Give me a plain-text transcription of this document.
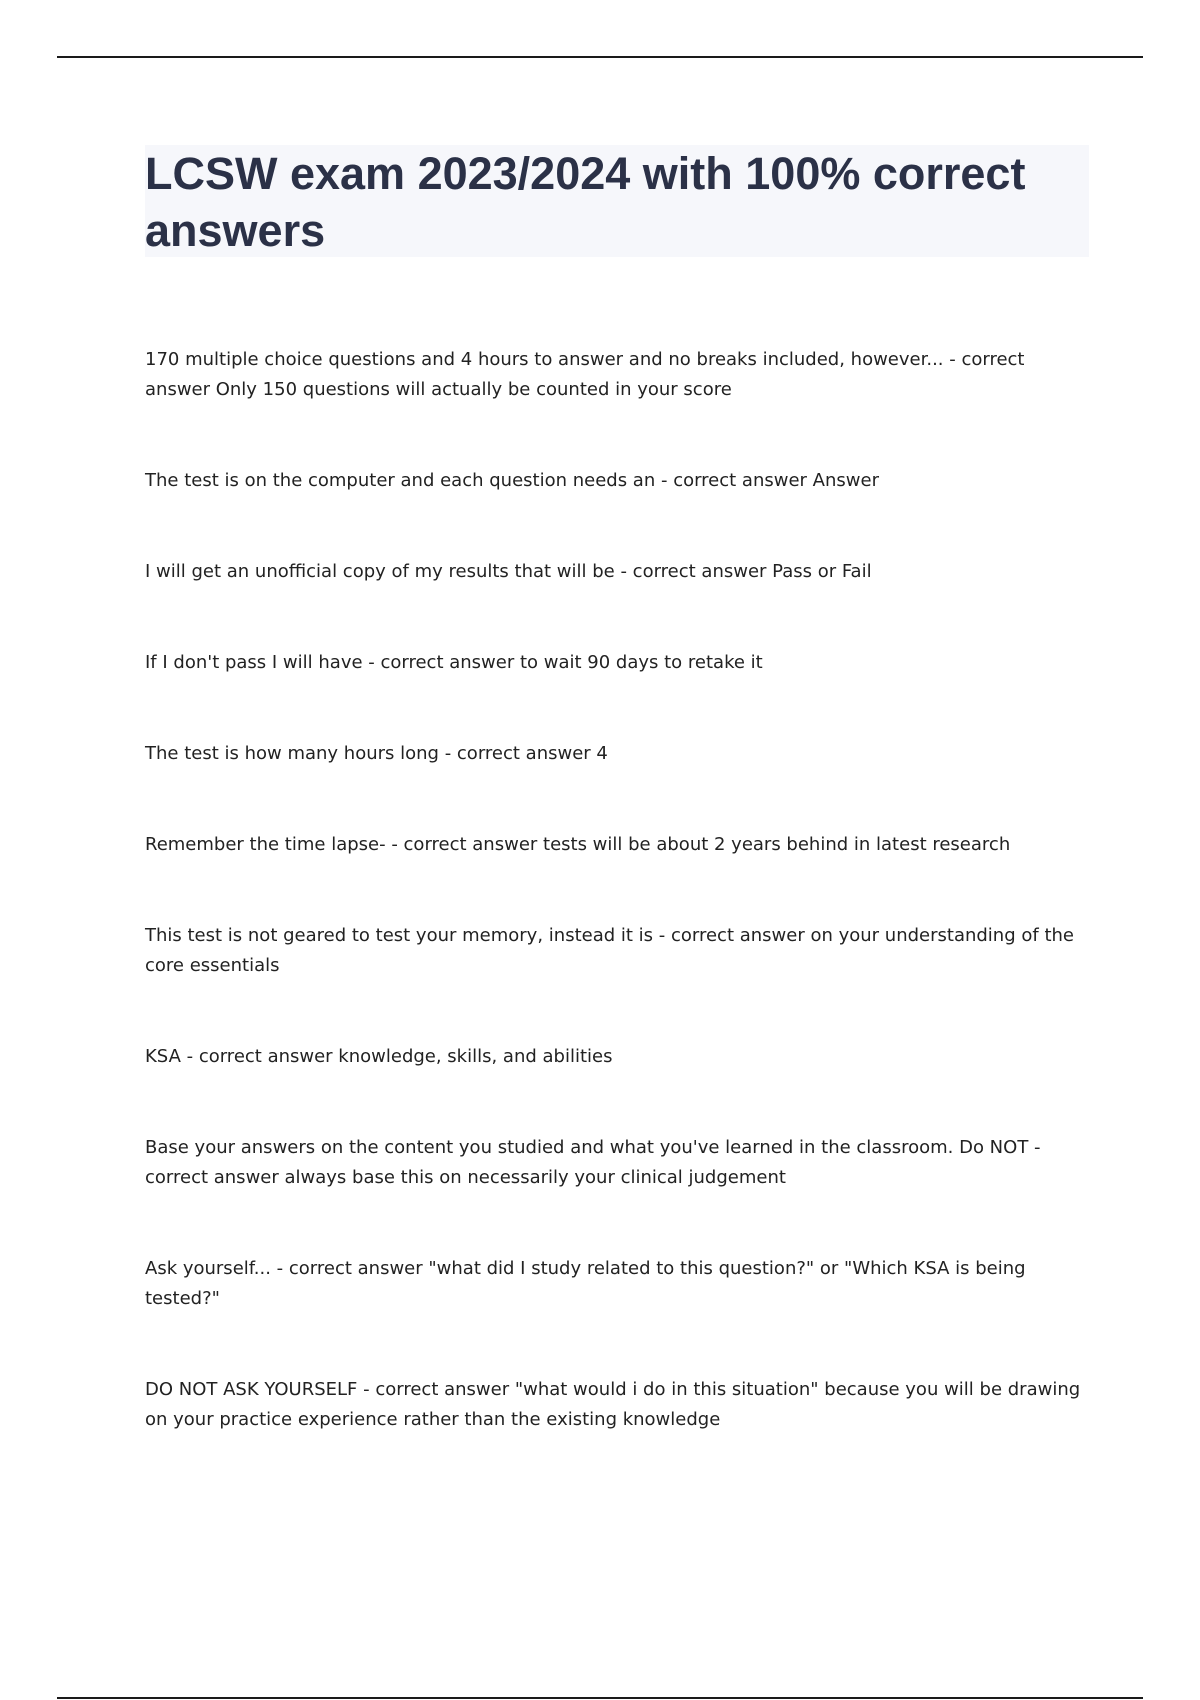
LCSW exam 2023/2024 with 100% correct answers

170 multiple choice questions and 4 hours to answer and no breaks included, however... - correct answer Only 150 questions will actually be counted in your score

The test is on the computer and each question needs an - correct answer Answer

I will get an unofficial copy of my results that will be - correct answer Pass or Fail

If I don't pass I will have - correct answer to wait 90 days to retake it

The test is how many hours long - correct answer 4

Remember the time lapse- - correct answer tests will be about 2 years behind in latest research

This test is not geared to test your memory, instead it is - correct answer on your understanding of the core essentials

KSA - correct answer knowledge, skills, and abilities

Base your answers on the content you studied and what you've learned in the classroom. Do NOT - correct answer always base this on necessarily your clinical judgement

Ask yourself... - correct answer "what did I study related to this question?" or "Which KSA is being tested?"

DO NOT ASK YOURSELF - correct answer "what would i do in this situation" because you will be drawing on your practice experience rather than the existing knowledge
